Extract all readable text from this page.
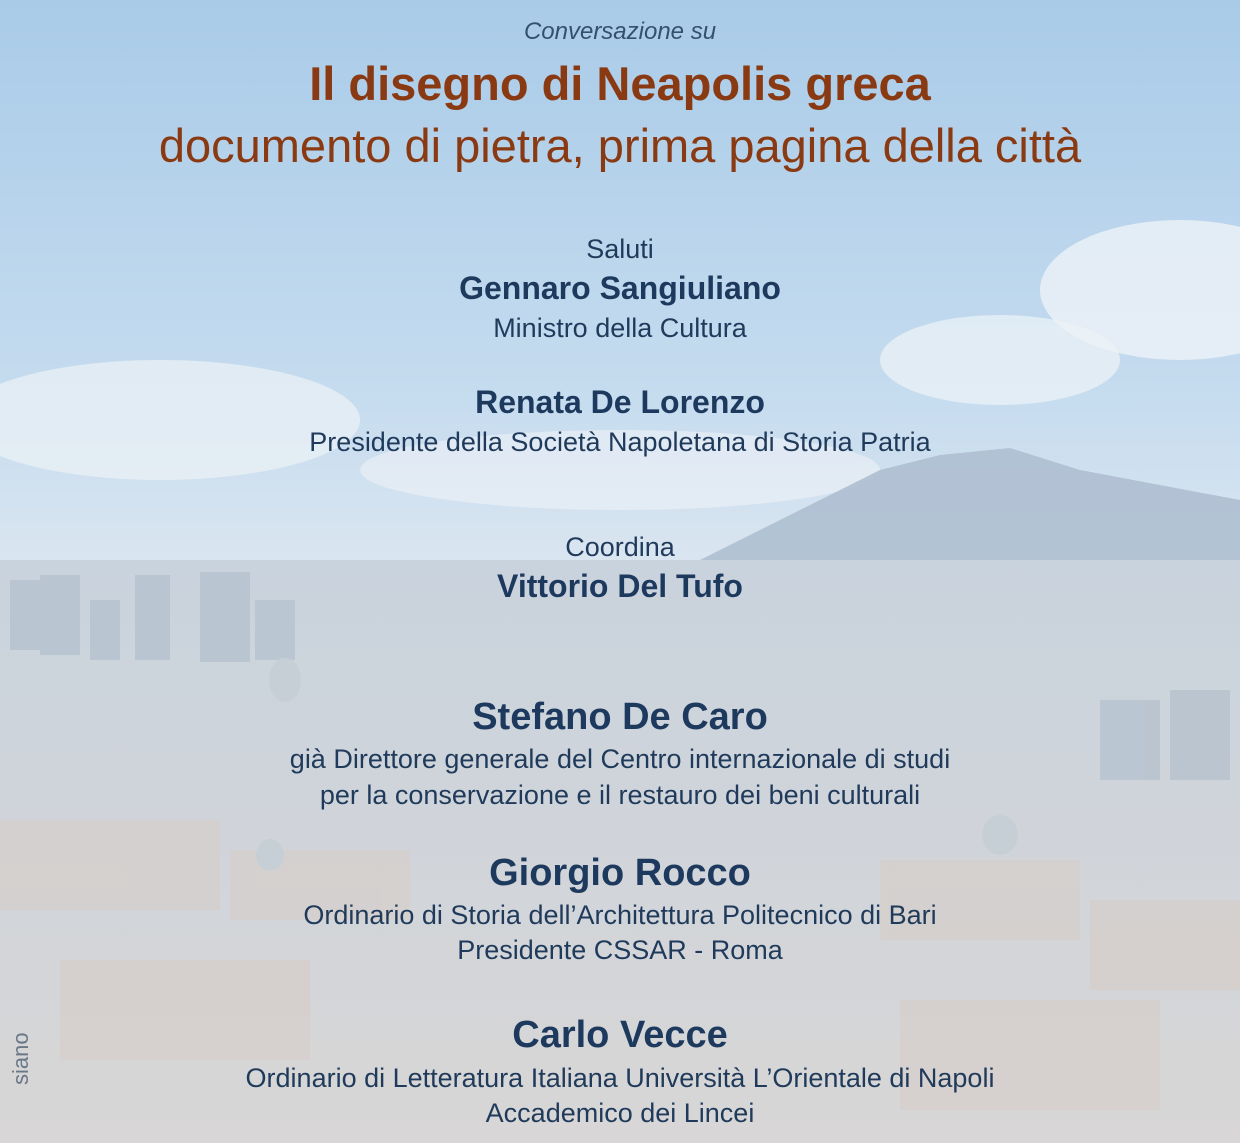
Conversazione su
Il disegno di Neapolis greca
documento di pietra, prima pagina della città
Saluti
Gennaro Sangiuliano
Ministro della Cultura
Renata De Lorenzo
Presidente della Società Napoletana di Storia Patria
Coordina
Vittorio Del Tufo
Stefano De Caro
già Direttore generale del Centro internazionale di studi
per la conservazione e il restauro dei beni culturali
Giorgio Rocco
Ordinario di Storia dell’Architettura Politecnico di Bari
Presidente CSSAR - Roma
Carlo Vecce
Ordinario di Letteratura Italiana Università L’Orientale di Napoli
Accademico dei Lincei
siano
